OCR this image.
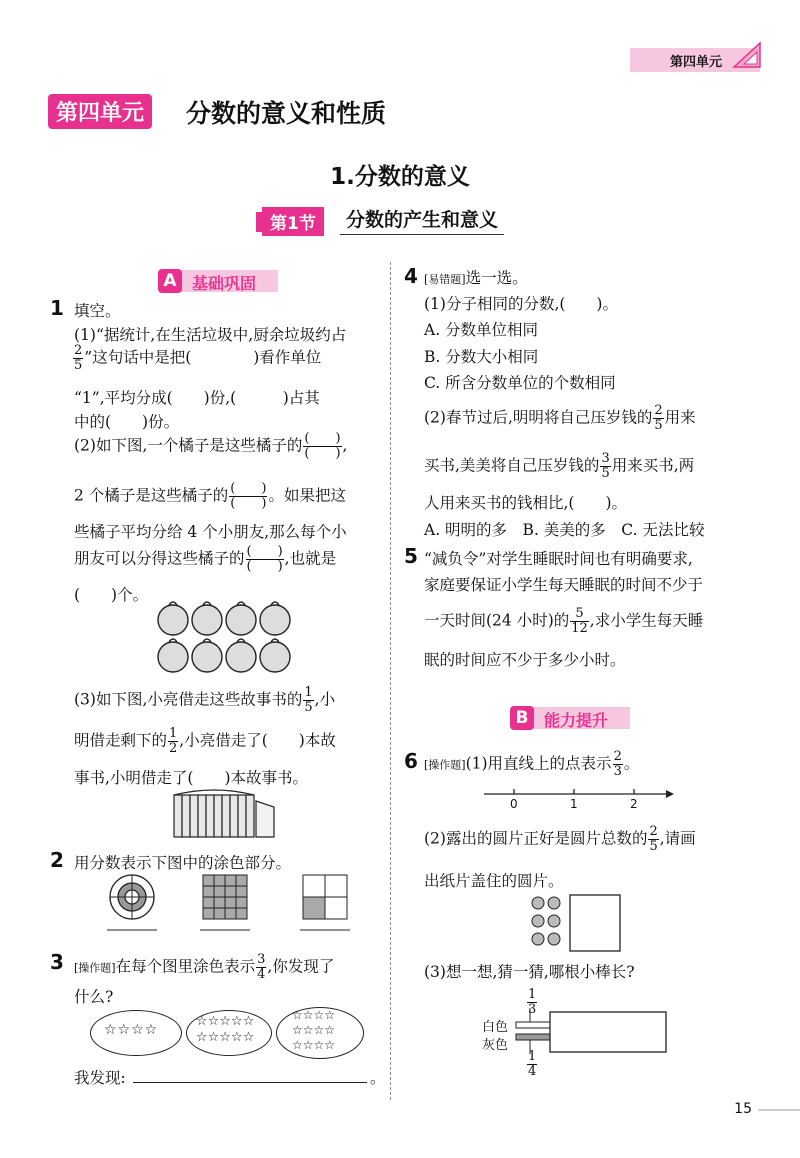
第四单元
第四单元	分数的意义和性质
1.分数的意义
第1节	分数的产生和意义
A 基础巩固
1 填空。
(1)“据统计,在生活垃圾中,厨余垃圾约占
$\frac{2}{5}$ ”这句话中是把(　　　　)看作单位
“1”,平均分成(　　)份,(　　　)占其
中的(　　)份。
(2)如下图,一个橘子是这些橘子的 $\frac{( )}{( )}$ ,
2 个橘子是这些橘子的 $\frac{( )}{( )}$ 。如果把这
些橘子平均分给 4 个小朋友,那么每个小
朋友可以分得这些橘子的 $\frac{( )}{( )}$ ,也就是
(　　)个。
(3)如下图,小亮借走这些故事书的 $\frac{1}{5}$ ,小
明借走剩下的 $\frac{1}{2}$ ,小亮借走了(　　)本故
事书,小明借走了(　　)本故事书。
2 用分数表示下图中的涂色部分。
3 [操作题]在每个图里涂色表示 $\frac{3}{4}$ ,你发现了
什么?
☆☆☆☆
☆☆☆☆☆
☆☆☆☆☆
☆☆☆☆
☆☆☆☆
☆☆☆☆
我发现:	。
4 [易错题]选一选。
(1)分子相同的分数,(　　)。
A. 分数单位相同
B. 分数大小相同
C. 所含分数单位的个数相同
(2)春节过后,明明将自己压岁钱的 $\frac{2}{5}$ 用来
买书,美美将自己压岁钱的 $\frac{3}{5}$ 用来买书,两
人用来买书的钱相比,(　　)。
A. 明明的多　B. 美美的多　C. 无法比较
5 “减负令”对学生睡眠时间也有明确要求,
家庭要保证小学生每天睡眠的时间不少于
一天时间(24 小时)的 $\frac{5}{12}$ ,求小学生每天睡
眠的时间应不少于多少小时。
B 能力提升
6 [操作题](1)用直线上的点表示 $\frac{2}{3}$ 。
0	1	2
(2)露出的圆片正好是圆片总数的 $\frac{2}{5}$ ,请画
出纸片盖住的圆片。
(3)想一想,猜一猜,哪根小棒长?
$\frac{1}{3}$
白色
灰色
$\frac{1}{4}$
15
